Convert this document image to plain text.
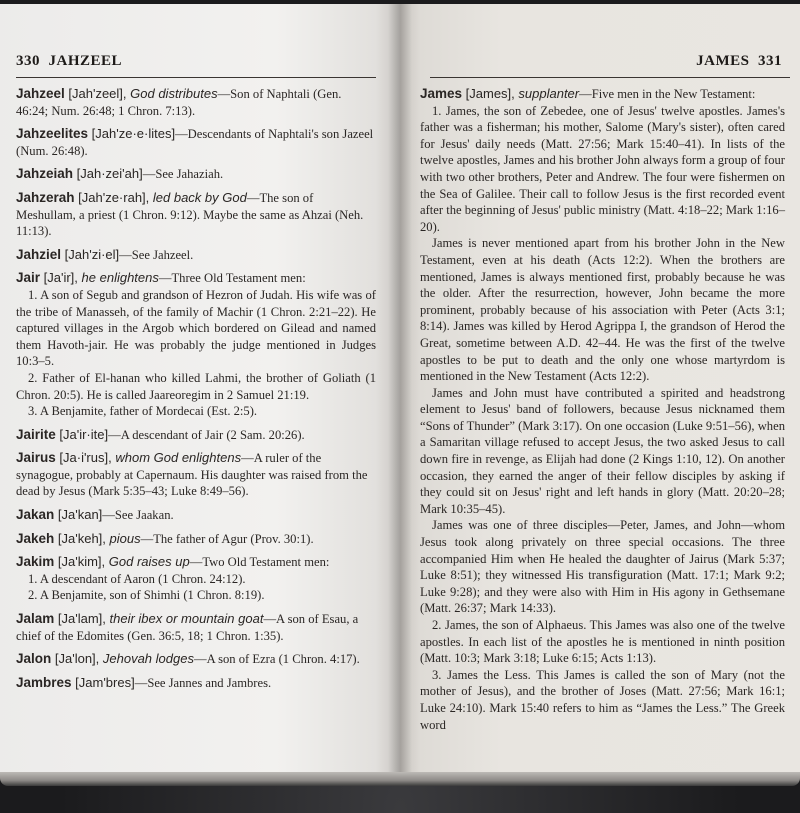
330 JAHZEEL
Jahzeel [Jah'zeel], God distributes—Son of Naphtali (Gen. 46:24; Num. 26:48; 1 Chron. 7:13).
Jahzeelites [Jah'ze·e·lites]—Descendants of Naphtali's son Jazeel (Num. 26:48).
Jahzeiah [Jah·zei'ah]—See Jahaziah.
Jahzerah [Jah'ze·rah], led back by God—The son of Meshullam, a priest (1 Chron. 9:12). Maybe the same as Ahzai (Neh. 11:13).
Jahziel [Jah'zi·el]—See Jahzeel.
Jair [Ja'ir], he enlightens—Three Old Testament men:

1. A son of Segub and grandson of Hezron of Judah. His wife was of the tribe of Manasseh, of the family of Machir (1 Chron. 2:21–22). He captured villages in the Argob which bordered on Gilead and named them Havoth-jair. He was probably the judge mentioned in Judges 10:3–5.

2. Father of El-hanan who killed Lahmi, the brother of Goliath (1 Chron. 20:5). He is called Jaareoregim in 2 Samuel 21:19.

3. A Benjamite, father of Mordecai (Est. 2:5).

Jairite [Ja'ir·ite]—A descendant of Jair (2 Sam. 20:26).
Jairus [Ja·i'rus], whom God enlightens—A ruler of the synagogue, probably at Capernaum. His daughter was raised from the dead by Jesus (Mark 5:35–43; Luke 8:49–56).
Jakan [Ja'kan]—See Jaakan.
Jakeh [Ja'keh], pious—The father of Agur (Prov. 30:1).
Jakim [Ja'kim], God raises up—Two Old Testament men:

1. A descendant of Aaron (1 Chron. 24:12).

2. A Benjamite, son of Shimhi (1 Chron. 8:19).

Jalam [Ja'lam], their ibex or mountain goat—A son of Esau, a chief of the Edomites (Gen. 36:5, 18; 1 Chron. 1:35).
Jalon [Ja'lon], Jehovah lodges—A son of Ezra (1 Chron. 4:17).
Jambres [Jam'bres]—See Jannes and Jambres.
JAMES 331
James [James], supplanter—Five men in the New Testament:

1. James, the son of Zebedee, one of Jesus' twelve apostles. James's father was a fisherman; his mother, Salome (Mary's sister), often cared for Jesus' daily needs (Matt. 27:56; Mark 15:40–41). In lists of the twelve apostles, James and his brother John always form a group of four with two other brothers, Peter and Andrew. The four were fishermen on the Sea of Galilee. Their call to follow Jesus is the first recorded event after the beginning of Jesus' public ministry (Matt. 4:18–22; Mark 1:16–20).

James is never mentioned apart from his brother John in the New Testament, even at his death (Acts 12:2). When the brothers are mentioned, James is always mentioned first, probably because he was the older. After the resurrection, however, John became the more prominent, probably because of his association with Peter (Acts 3:1; 8:14). James was killed by Herod Agrippa I, the grandson of Herod the Great, sometime between A.D. 42–44. He was the first of the twelve apostles to be put to death and the only one whose martyrdom is mentioned in the New Testament (Acts 12:2).

James and John must have contributed a spirited and headstrong element to Jesus' band of followers, because Jesus nicknamed them “Sons of Thunder” (Mark 3:17). On one occasion (Luke 9:51–56), when a Samaritan village refused to accept Jesus, the two asked Jesus to call down fire in revenge, as Elijah had done (2 Kings 1:10, 12). On another occasion, they earned the anger of their fellow disciples by asking if they could sit on Jesus' right and left hands in glory (Matt. 20:20–28; Mark 10:35–45).

James was one of three disciples—Peter, James, and John—whom Jesus took along privately on three special occasions. The three accompanied Him when He healed the daughter of Jairus (Mark 5:37; Luke 8:51); they witnessed His transfiguration (Matt. 17:1; Mark 9:2; Luke 9:28); and they were also with Him in His agony in Gethsemane (Matt. 26:37; Mark 14:33).

2. James, the son of Alphaeus. This James was also one of the twelve apostles. In each list of the apostles he is mentioned in ninth position (Matt. 10:3; Mark 3:18; Luke 6:15; Acts 1:13).

3. James the Less. This James is called the son of Mary (not the mother of Jesus), and the brother of Joses (Matt. 27:56; Mark 16:1; Luke 24:10). Mark 15:40 refers to him as “James the Less.” The Greek word
